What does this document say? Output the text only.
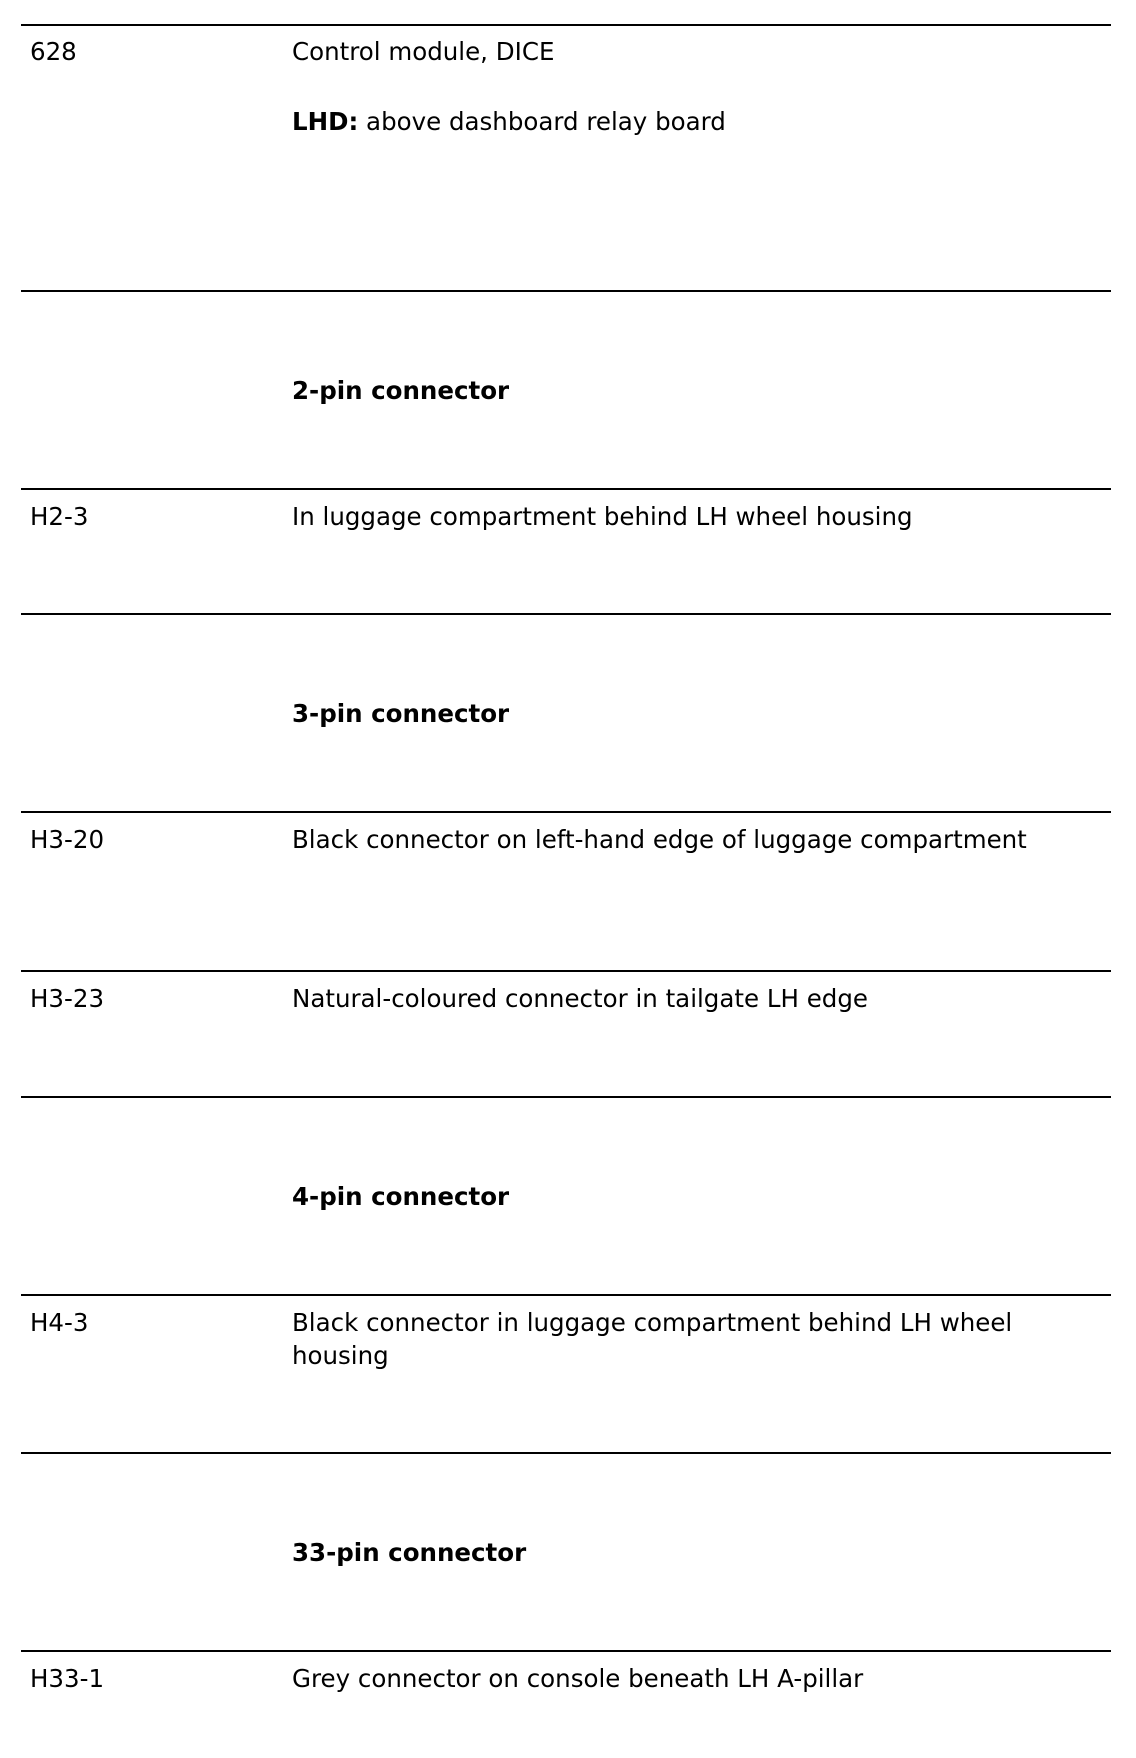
628	Control module, DICE
LHD: above dashboard relay board
2-pin connector
H2-3	In luggage compartment behind LH wheel housing
3-pin connector
H3-20	Black connector on left-hand edge of luggage compartment
H3-23	Natural-coloured connector in tailgate LH edge
4-pin connector
H4-3	Black connector in luggage compartment behind LH wheel housing
33-pin connector
H33-1	Grey connector on console beneath LH A-pillar
